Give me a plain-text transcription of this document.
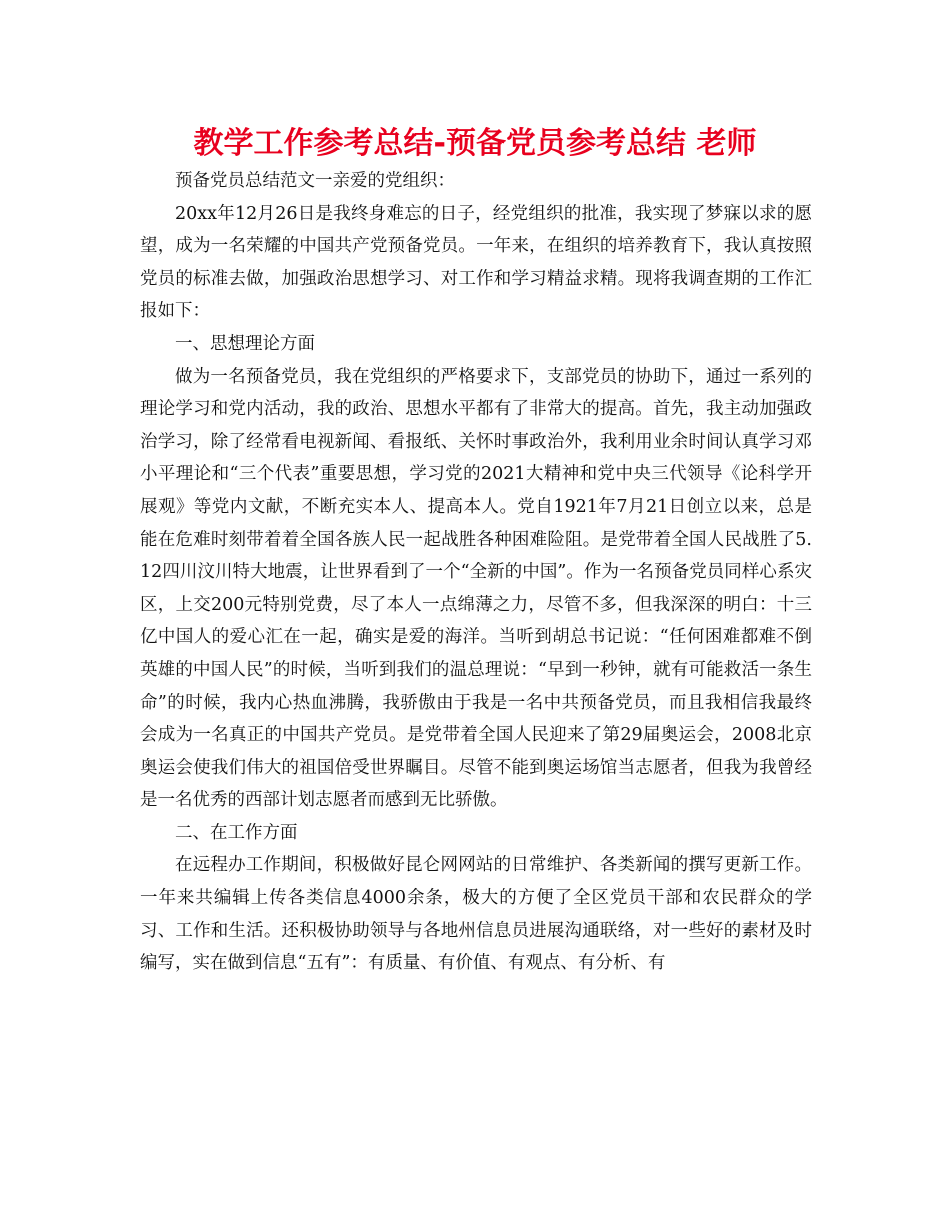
教学工作参考总结-预备党员参考总结 老师

预备党员总结范文一亲爱的党组织：

20xx年12月26日是我终身难忘的日子，经党组织的批准，我实现了梦寐以求的愿望，成为一名荣耀的中国共产党预备党员。一年来，在组织的培养教育下，我认真按照党员的标准去做，加强政治思想学习、对工作和学习精益求精。现将我调查期的工作汇报如下：

一、思想理论方面

做为一名预备党员，我在党组织的严格要求下，支部党员的协助下，通过一系列的理论学习和党内活动，我的政治、思想水平都有了非常大的提高。首先，我主动加强政治学习，除了经常看电视新闻、看报纸、关怀时事政治外，我利用业余时间认真学习邓小平理论和“三个代表”重要思想，学习党的2021大精神和党中央三代领导《论科学开展观》等党内文献，不断充实本人、提高本人。党自1921年7月21日创立以来，总是能在危难时刻带着着全国各族人民一起战胜各种困难险阻。是党带着全国人民战胜了5.12四川汶川特大地震，让世界看到了一个“全新的中国”。作为一名预备党员同样心系灾区，上交200元特别党费，尽了本人一点绵薄之力，尽管不多，但我深深的明白：十三亿中国人的爱心汇在一起，确实是爱的海洋。当听到胡总书记说：“任何困难都难不倒英雄的中国人民”的时候，当听到我们的温总理说：“早到一秒钟，就有可能救活一条生命”的时候，我内心热血沸腾，我骄傲由于我是一名中共预备党员，而且我相信我最终会成为一名真正的中国共产党员。是党带着全国人民迎来了第29届奥运会，2008北京奥运会使我们伟大的祖国倍受世界瞩目。尽管不能到奥运场馆当志愿者，但我为我曾经是一名优秀的西部计划志愿者而感到无比骄傲。

二、在工作方面

在远程办工作期间，积极做好昆仑网网站的日常维护、各类新闻的撰写更新工作。一年来共编辑上传各类信息4000余条，极大的方便了全区党员干部和农民群众的学习、工作和生活。还积极协助领导与各地州信息员进展沟通联络，对一些好的素材及时编写，实在做到信息“五有”：有质量、有价值、有观点、有分析、有
